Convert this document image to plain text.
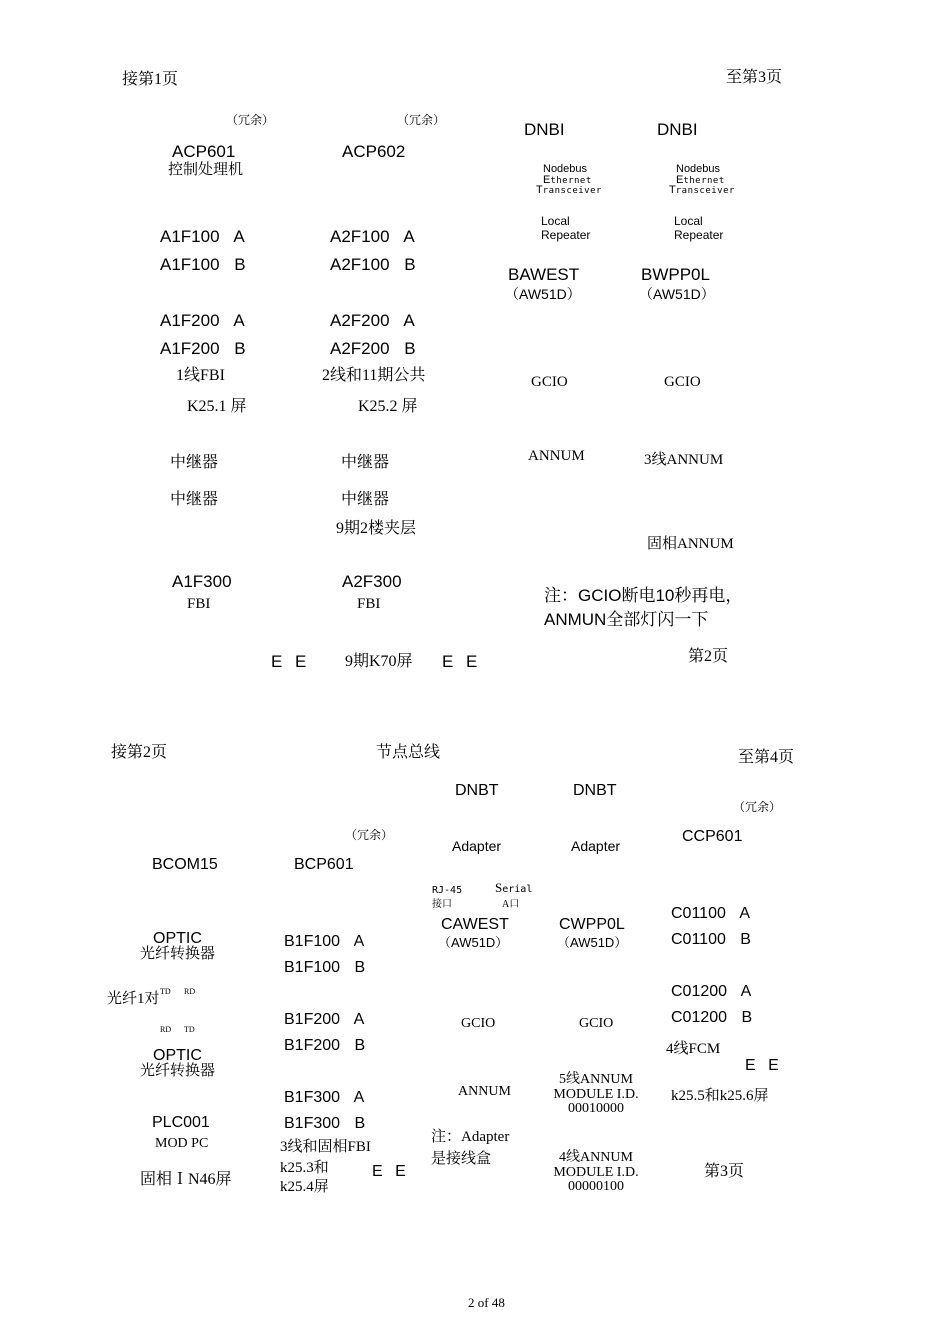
接第1页	至第3页
（冗余）	（冗余）	DNBI	DNBI
ACP601
控制处理机
ACP602
Nodebus
Ethernet
Transceiver
Nodebus
Ethernet
Transceiver
Local
Repeater
Local
Repeater
A1F100 A
A1F100 B
A2F100 A
A2F100 B
BAWEST
（AW51D）
BWPP0L
（AW51D）
A1F200 A
A1F200 B
A2F200 A
A2F200 B
1线FBI	2线和11期公共	GCIO	GCIO
K25.1 屏	K25.2 屏
中继器	中继器	ANNUM	3线ANNUM
中继器	中继器
9期2楼夹层
固相ANNUM
A1F300
FBI
A2F300
FBI	注：GCIO断电10秒再电，
ANMUN全部灯闪一下
E E 9期K70屏 E E	第2页
接第2页	节点总线	至第4页
DNBT	DNBT
（冗余）
（冗余）
Adapter	Adapter
CCP601
BCOM15	BCP601
RJ-45
接口
Serial
A口
CAWEST
（AW51D）
CWPP0L
（AW51D）
C01100 A
C01100 B
OPTIC
光纤转换器
B1F100 A
B1F100 B
光纤1对 TD RD	C01200 A
C01200 B
RD TD
B1F200 A
B1F200 B
GCIO	GCIO
4线FCM
OPTIC
光纤转换器	E E
ANNUM
5线ANNUM
MODULE I.D.
00010000
k25.5和k25.6屏
B1F300 A
B1F300 B
PLC001
MOD PC	注：Adapter
是接线盒
3线和固相FBI
k25.3和
k25.4屏
E E
4线ANNUM
MODULE I.D.
00000100
第3页
固相ＩN46屏
2 of 48
